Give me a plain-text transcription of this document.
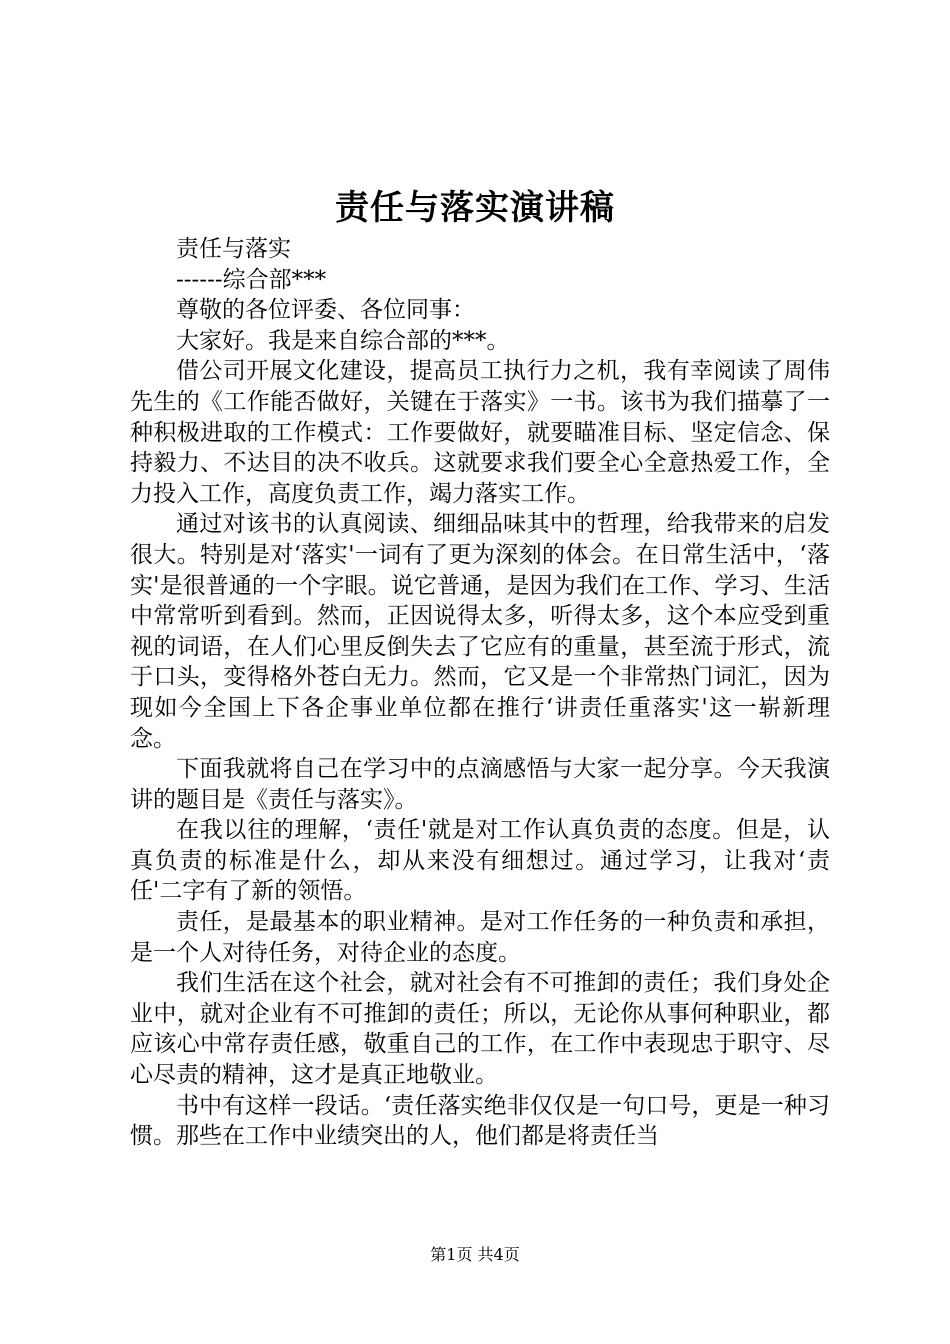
责任与落实演讲稿

责任与落实

------综合部***

尊敬的各位评委、各位同事：

大家好。我是来自综合部的***。

借公司开展文化建设，提高员工执行力之机，我有幸阅读了周伟先生的《工作能否做好，关键在于落实》一书。该书为我们描摹了一种积极进取的工作模式：工作要做好，就要瞄准目标、坚定信念、保持毅力、不达目的决不收兵。这就要求我们要全心全意热爱工作，全力投入工作，高度负责工作，竭力落实工作。

通过对该书的认真阅读、细细品味其中的哲理，给我带来的启发很大。特别是对‘落实'一词有了更为深刻的体会。在日常生活中，‘落实'是很普通的一个字眼。说它普通，是因为我们在工作、学习、生活中常常听到看到。然而，正因说得太多，听得太多，这个本应受到重视的词语，在人们心里反倒失去了它应有的重量，甚至流于形式，流于口头，变得格外苍白无力。然而，它又是一个非常热门词汇，因为现如今全国上下各企事业单位都在推行‘讲责任重落实'这一崭新理念。

下面我就将自己在学习中的点滴感悟与大家一起分享。今天我演讲的题目是《责任与落实》。

在我以往的理解，‘责任'就是对工作认真负责的态度。但是，认真负责的标准是什么，却从来没有细想过。通过学习，让我对‘责任'二字有了新的领悟。

责任，是最基本的职业精神。是对工作任务的一种负责和承担，是一个人对待任务，对待企业的态度。

我们生活在这个社会，就对社会有不可推卸的责任；我们身处企业中，就对企业有不可推卸的责任；所以，无论你从事何种职业，都应该心中常存责任感，敬重自己的工作，在工作中表现忠于职守、尽心尽责的精神，这才是真正地敬业。

书中有这样一段话。‘责任落实绝非仅仅是一句口号，更是一种习惯。那些在工作中业绩突出的人，他们都是将责任当

第1页 共4页
